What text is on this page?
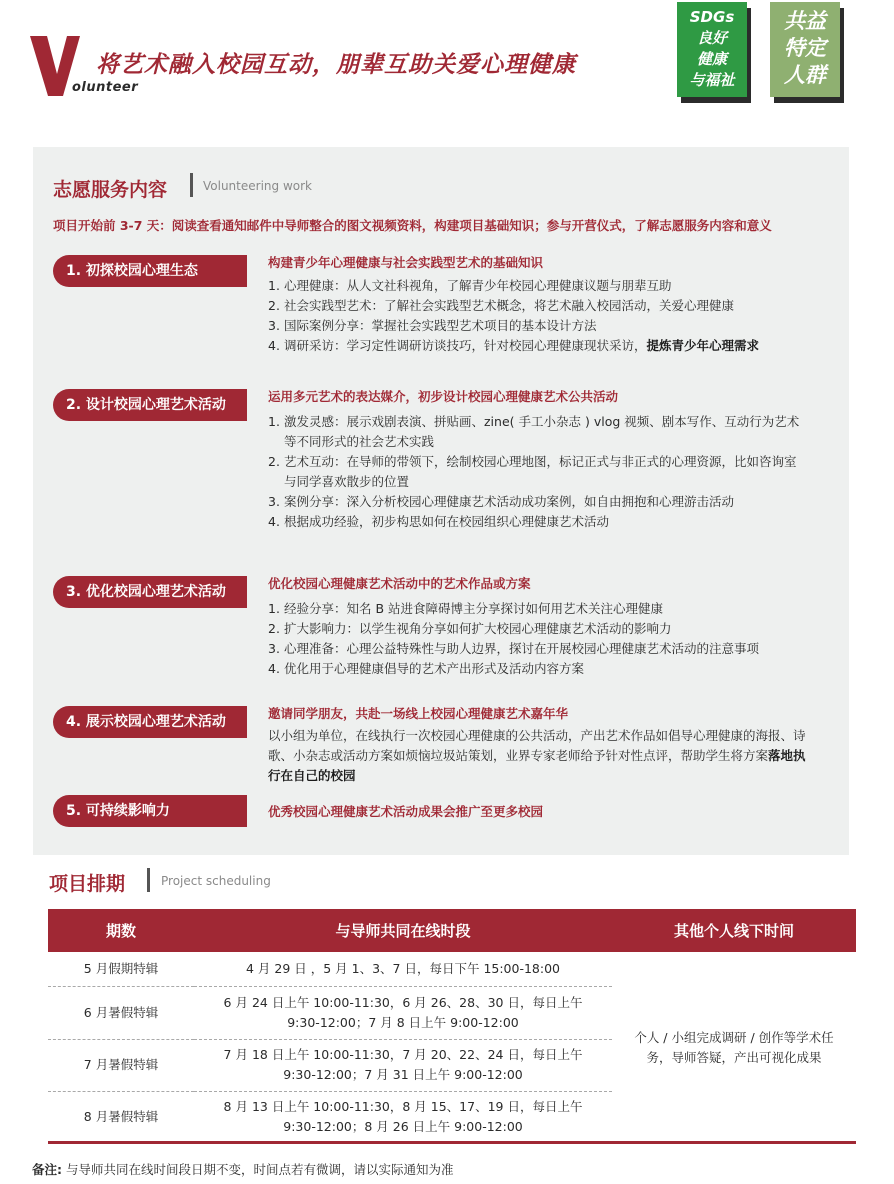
olunteer
将艺术融入校园互动，朋辈互助关爱心理健康
SDGs
良好
健康
与福祉
共益
特定
人群
志愿服务内容	Volunteering work
项目开始前 3-7 天：阅读查看通知邮件中导师整合的图文视频资料，构建项目基础知识；参与开营仪式，了解志愿服务内容和意义
1. 初探校园心理生态
构建青少年心理健康与社会实践型艺术的基础知识
1. 心理健康：从人文社科视角，了解青少年校园心理健康议题与朋辈互助
2. 社会实践型艺术：了解社会实践型艺术概念，将艺术融入校园活动，关爱心理健康
3. 国际案例分享：掌握社会实践型艺术项目的基本设计方法
4. 调研采访：学习定性调研访谈技巧，针对校园心理健康现状采访，提炼青少年心理需求
2. 设计校园心理艺术活动
运用多元艺术的表达媒介，初步设计校园心理健康艺术公共活动
1. 激发灵感：展示戏剧表演、拼贴画、zine( 手工小杂志 ) vlog 视频、剧本写作、互动行为艺术等不同形式的社会艺术实践
2. 艺术互动：在导师的带领下，绘制校园心理地图，标记正式与非正式的心理资源，比如咨询室与同学喜欢散步的位置
3. 案例分享：深入分析校园心理健康艺术活动成功案例，如自由拥抱和心理游击活动
4. 根据成功经验，初步构思如何在校园组织心理健康艺术活动
3. 优化校园心理艺术活动
优化校园心理健康艺术活动中的艺术作品或方案
1. 经验分享：知名 B 站进食障碍博主分享探讨如何用艺术关注心理健康
2. 扩大影响力：以学生视角分享如何扩大校园心理健康艺术活动的影响力
3. 心理准备：心理公益特殊性与助人边界，探讨在开展校园心理健康艺术活动的注意事项
4. 优化用于心理健康倡导的艺术产出形式及活动内容方案
4. 展示校园心理艺术活动
邀请同学朋友，共赴一场线上校园心理健康艺术嘉年华
以小组为单位，在线执行一次校园心理健康的公共活动，产出艺术作品如倡导心理健康的海报、诗歌、小杂志或活动方案如烦恼垃圾站策划，业界专家老师给予针对性点评，帮助学生将方案落地执行在自己的校园
5. 可持续影响力	优秀校园心理健康艺术活动成果会推广至更多校园
项目排期	Project scheduling
期数	与导师共同在线时段	其他个人线下时间
5 月假期特辑	4 月 29 日 ，5 月 1、3、7 日，每日下午 15:00-18:00	个人 / 小组完成调研 / 创作等学术任务，导师答疑，产出可视化成果
6 月暑假特辑	6 月 24 日上午 10:00-11:30，6 月 26、28、30 日，每日上午 9:30-12:00；7 月 8 日上午 9:00-12:00	
7 月暑假特辑	7 月 18 日上午 10:00-11:30，7 月 20、22、24 日，每日上午 9:30-12:00；7 月 31 日上午 9:00-12:00	
8 月暑假特辑	8 月 13 日上午 10:00-11:30，8 月 15、17、19 日，每日上午 9:30-12:00；8 月 26 日上午 9:00-12:00	
备注: 与导师共同在线时间段日期不变，时间点若有微调，请以实际通知为准
